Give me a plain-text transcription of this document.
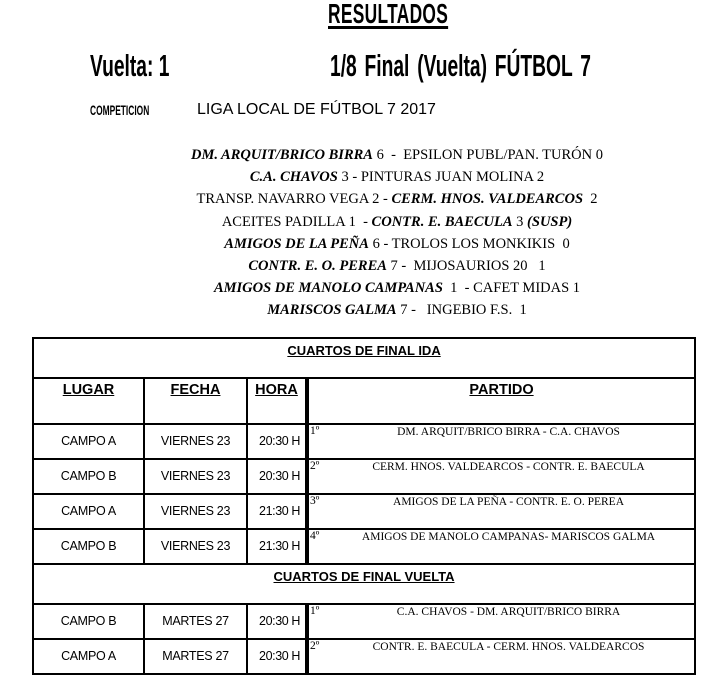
RESULTADOS
Vuelta: 1	1/8 Final (Vuelta) FÚTBOL 7
COMPETICION	LIGA LOCAL DE FÚTBOL 7 2017
DM. ARQUIT/BRICO BIRRA 6  -  EPSILON PUBL/PAN. TURÓN 0
C.A. CHAVOS 3 - PINTURAS JUAN MOLINA 2
TRANSP. NAVARRO VEGA 2 - CERM. HNOS. VALDEARCOS 2
ACEITES PADILLA 1  - CONTR. E. BAECULA 3 (SUSP)
AMIGOS DE LA PEÑA 6 - TROLOS LOS MONKIKIS 0
CONTR. E. O. PEREA 7 -  MIJOSAURIOS 20 1
AMIGOS DE MANOLO CAMPANAS 1  - CAFET MIDAS 1
MARISCOS GALMA 7 -   INGEBIO F.S. 1
CUARTOS DE FINAL IDA			
LUGAR	FECHA	HORA	PARTIDO
CAMPO A	VIERNES 23	20:30 H	1º DM. ARQUIT/BRICO BIRRA - C.A. CHAVOS

CAMPO B	VIERNES 23	20:30 H	2º CERM. HNOS. VALDEARCOS - CONTR. E. BAECULA

CAMPO A	VIERNES 23	21:30 H	3º AMIGOS DE LA PEÑA - CONTR. E. O. PEREA

CAMPO B	VIERNES 23	21:30 H	4º AMIGOS DE MANOLO CAMPANAS- MARISCOS GALMA

CUARTOS DE FINAL VUELTA			
CAMPO B	MARTES 27	20:30 H	1º C.A. CHAVOS - DM. ARQUIT/BRICO BIRRA

CAMPO A	MARTES 27	20:30 H	2º CONTR. E. BAECULA - CERM. HNOS. VALDEARCOS
